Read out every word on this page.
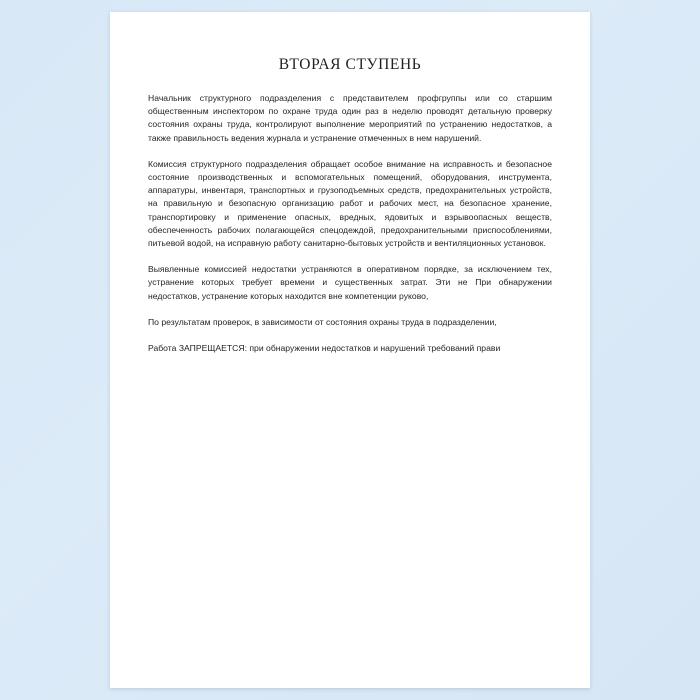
ВТОРАЯ СТУПЕНЬ

Начальник структурного подразделения с представителем профгруппы или со старшим общественным инспектором по охране труда один раз в неделю проводят детальную проверку состояния охраны труда, контролируют выполнение мероприятий по устранению недостатков, а также правильность ведения журнала и устранение отмеченных в нем нарушений.

Комиссия структурного подразделения обращает особое внимание на исправность и безопасное состояние производственных и вспомогательных помещений, оборудования, инструмента, аппаратуры, инвентаря, транспортных и грузоподъемных средств, предохранительных устройств, на правильную и безопасную организацию работ и рабочих мест, на безопасное хранение, транспортировку и применение опасных, вредных, ядовитых и взрывоопасных веществ, обеспеченность рабочих полагающейся спецодеждой, предохранительными приспособлениями, питьевой водой, на исправную работу санитарно-бытовых устройств и вентиляционных установок.

Выявленные комиссией недостатки устраняются в оперативном порядке, за исключением тех, устранение которых требует времени и существенных затрат. Эти не При обнаружении недостатков, устранение которых находится вне компетенции руково,

По результатам проверок, в зависимости от состояния охраны труда в подразделении,

Работа ЗАПРЕЩАЕТСЯ: при обнаружении недостатков и нарушений требований прави
